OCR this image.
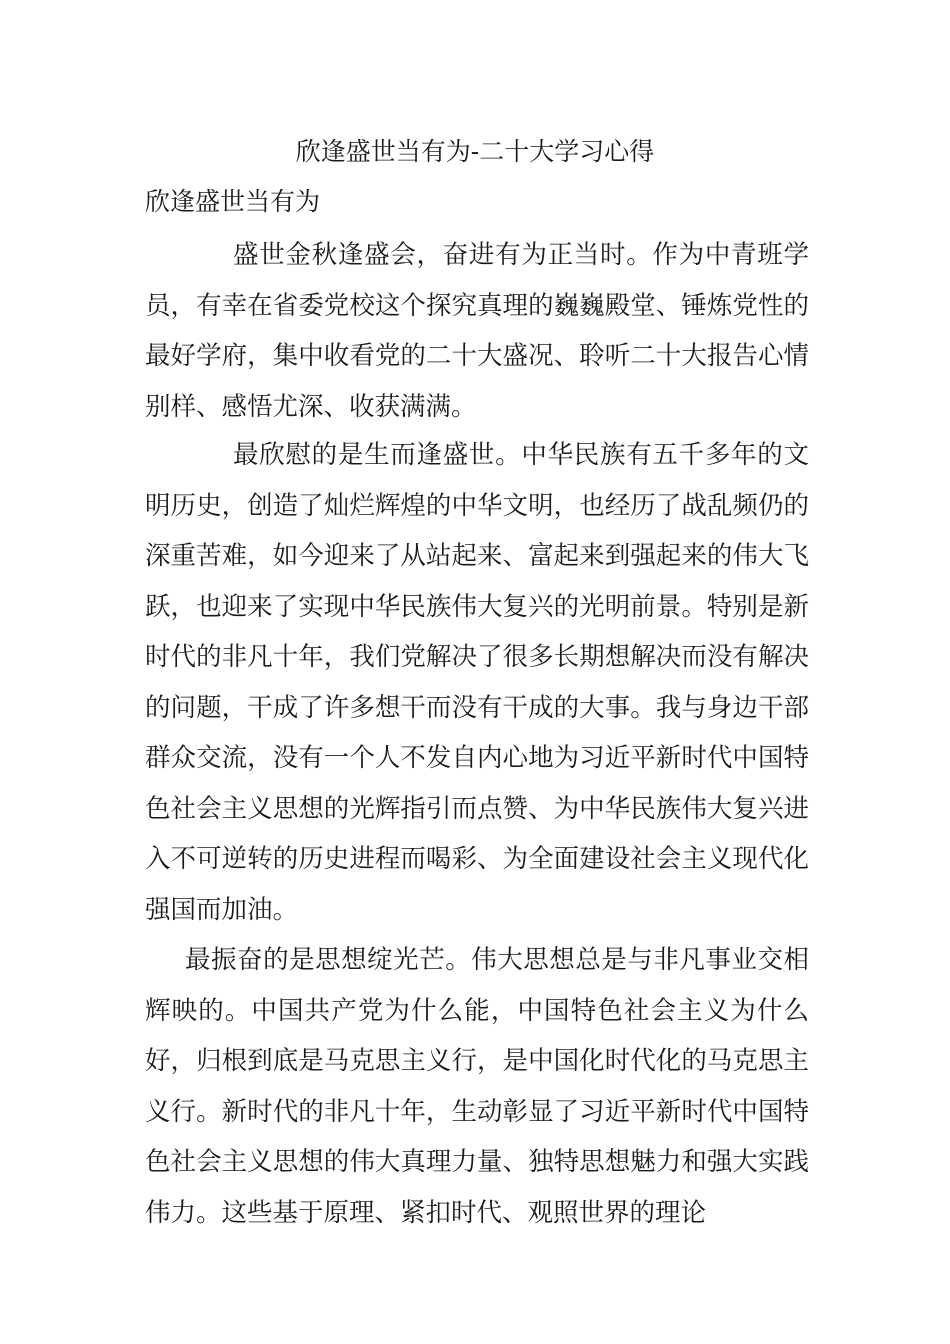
欣逢盛世当有为-二十大学习心得
欣逢盛世当有为

盛世金秋逢盛会，奋进有为正当时。作为中青班学员，有幸在省委党校这个探究真理的巍巍殿堂、锤炼党性的最好学府，集中收看党的二十大盛况、聆听二十大报告心情别样、感悟尤深、收获满满。

最欣慰的是生而逢盛世。中华民族有五千多年的文明历史，创造了灿烂辉煌的中华文明，也经历了战乱频仍的深重苦难，如今迎来了从站起来、富起来到强起来的伟大飞跃，也迎来了实现中华民族伟大复兴的光明前景。特别是新时代的非凡十年，我们党解决了很多长期想解决而没有解决的问题，干成了许多想干而没有干成的大事。我与身边干部群众交流，没有一个人不发自内心地为习近平新时代中国特色社会主义思想的光辉指引而点赞、为中华民族伟大复兴进入不可逆转的历史进程而喝彩、为全面建设社会主义现代化强国而加油。

最振奋的是思想绽光芒。伟大思想总是与非凡事业交相辉映的。中国共产党为什么能，中国特色社会主义为什么好，归根到底是马克思主义行，是中国化时代化的马克思主义行。新时代的非凡十年，生动彰显了习近平新时代中国特色社会主义思想的伟大真理力量、独特思想魅力和强大实践伟力。这些基于原理、紧扣时代、观照世界的理论
